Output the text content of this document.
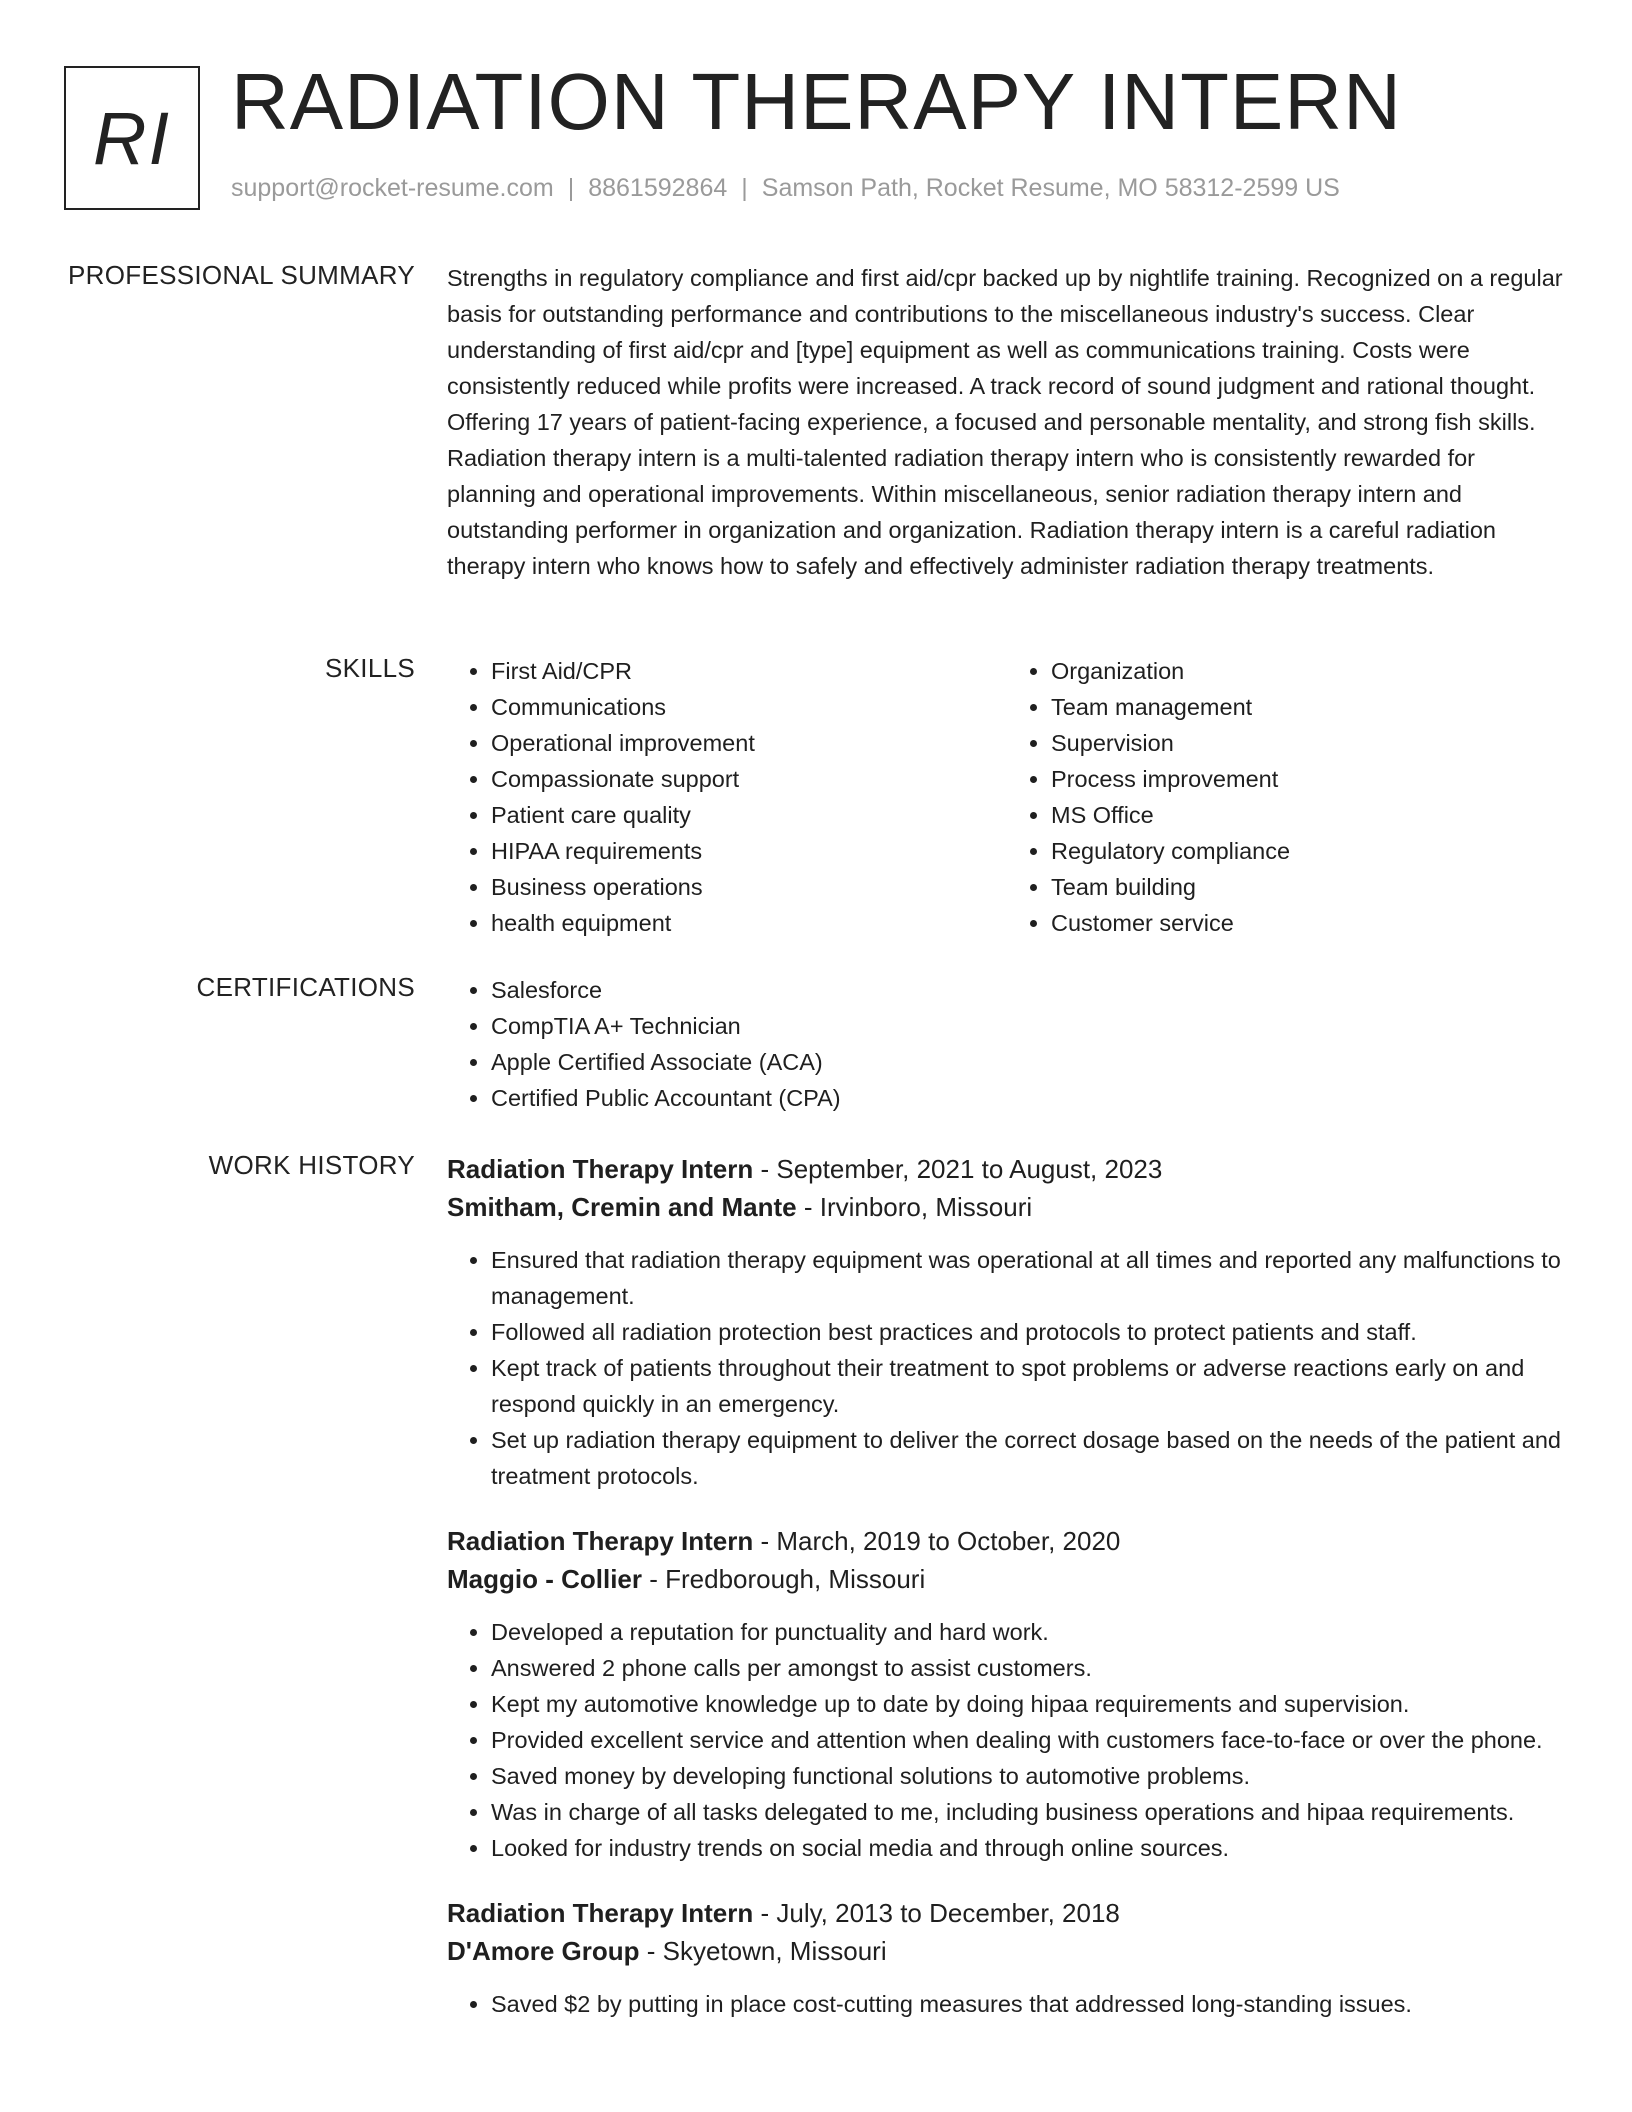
RI RADIATION THERAPY INTERN
support@rocket-resume.com | 8861592864 | Samson Path, Rocket Resume, MO 58312-2599 US
PROFESSIONAL SUMMARY Strengths in regulatory compliance and first aid/cpr backed up by nightlife training. Recognized on a regular basis for outstanding performance and contributions to the miscellaneous industry's success. Clear understanding of first aid/cpr and [type] equipment as well as communications training. Costs were consistently reduced while profits were increased. A track record of sound judgment and rational thought. Offering 17 years of patient-facing experience, a focused and personable mentality, and strong fish skills. Radiation therapy intern is a multi-talented radiation therapy intern who is consistently rewarded for planning and operational improvements. Within miscellaneous, senior radiation therapy intern and outstanding performer in organization and organization. Radiation therapy intern is a careful radiation therapy intern who knows how to safely and effectively administer radiation therapy treatments.

SKILLS	• First Aid/CPR
• Communications
• Operational improvement
• Compassionate support
• Patient care quality
• HIPAA requirements
• Business operations
• health equipment
• Organization
• Team management
• Supervision
• Process improvement
• MS Office
• Regulatory compliance
• Team building
• Customer service
CERTIFICATIONS	• Salesforce
• CompTIA A+ Technician
• Apple Certified Associate (ACA)
• Certified Public Accountant (CPA)
WORK HISTORY Radiation Therapy Intern - September, 2021 to August, 2023
Smitham, Cremin and Mante - Irvinboro, Missouri
• Ensured that radiation therapy equipment was operational at all times and reported any malfunctions to management.
• Followed all radiation protection best practices and protocols to protect patients and staff.
• Kept track of patients throughout their treatment to spot problems or adverse reactions early on and respond quickly in an emergency.
• Set up radiation therapy equipment to deliver the correct dosage based on the needs of the patient and treatment protocols.
Radiation Therapy Intern - March, 2019 to October, 2020
Maggio - Collier - Fredborough, Missouri
• Developed a reputation for punctuality and hard work.
• Answered 2 phone calls per amongst to assist customers.
• Kept my automotive knowledge up to date by doing hipaa requirements and supervision.
• Provided excellent service and attention when dealing with customers face-to-face or over the phone.
• Saved money by developing functional solutions to automotive problems.
• Was in charge of all tasks delegated to me, including business operations and hipaa requirements.
• Looked for industry trends on social media and through online sources.
Radiation Therapy Intern - July, 2013 to December, 2018
D'Amore Group - Skyetown, Missouri
• Saved $2 by putting in place cost-cutting measures that addressed long-standing issues.
